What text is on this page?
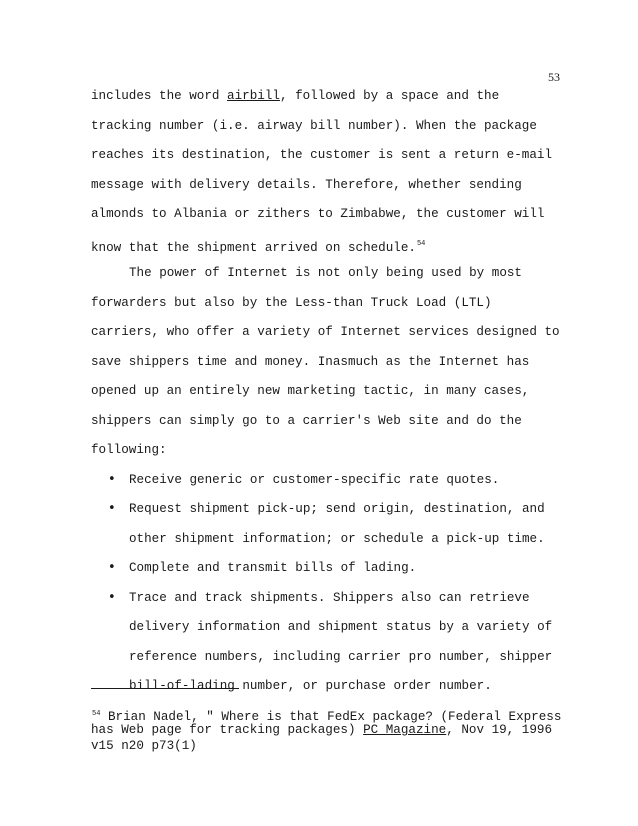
53
includes the word airbill, followed by a space and the
tracking number (i.e. airway bill number). When the package
reaches its destination, the customer is sent a return e-mail
message with delivery details. Therefore, whether sending
almonds to Albania or zithers to Zimbabwe, the customer will
know that the shipment arrived on schedule.$^{54}$
The power of Internet is not only being used by most
forwarders but also by the Less-than Truck Load (LTL)
carriers, who offer a variety of Internet services designed to
save shippers time and money. Inasmuch as the Internet has
opened up an entirely new marketing tactic, in many cases,
shippers can simply go to a carrier's Web site and do the
following:
• Receive generic or customer-specific rate quotes.
• Request shipment pick-up; send origin, destination, and
other shipment information; or schedule a pick-up time.
• Complete and transmit bills of lading.
• Trace and track shipments. Shippers also can retrieve
delivery information and shipment status by a variety of
reference numbers, including carrier pro number, shipper
bill-of-lading number, or purchase order number.
$^{54}$ Brian Nadel, " Where is that FedEx package? (Federal Express
has Web page for tracking packages) PC Magazine, Nov 19, 1996
v15 n20 p73(1)
